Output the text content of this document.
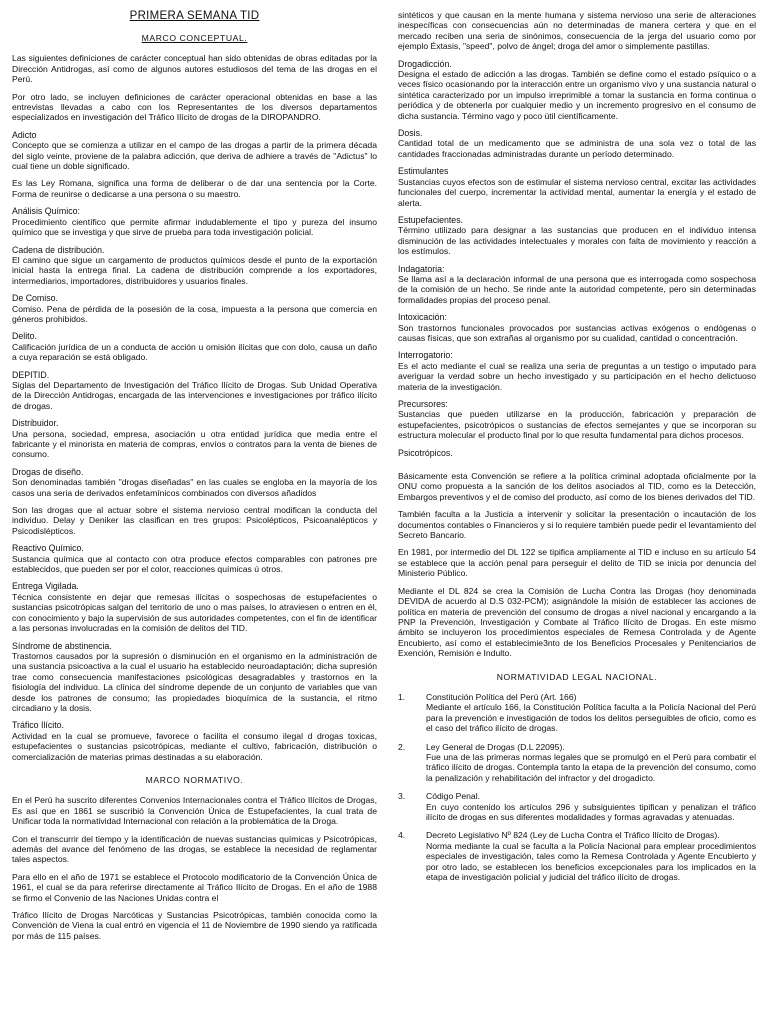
PRIMERA SEMANA TID
MARCO CONCEPTUAL.

Las siguientes definiciones de carácter conceptual han sido obtenidas de obras editadas por la Dirección Antidrogas, así como de algunos autores estudiosos del tema de las drogas en el Perú.

Por otro lado, se incluyen definiciones de carácter operacional obtenidas en base a las entrevistas llevadas a cabo con los Representantes de los diversos departamentos especializados en investigación del Tráfico Ilícito de drogas de la DIROPANDRO.

Adicto
Concepto que se comienza a utilizar en el campo de las drogas a partir de la primera década del siglo veinte, proviene de la palabra adicción, que deriva de adhiere a través de "Adictus" lo cual tiene un doble significado.
Es las Ley Romana, significa una forma de deliberar o de dar una sentencia por la Corte. Forma de reunirse o dedicarse a una persona o su maestro.
Análisis Químico:
Procedimiento científico que permite afirmar indudablemente el tipo y pureza del insumo químico que se investiga y que sirve de prueba para toda investigación policial.
Cadena de distribución.
El camino que sigue un cargamento de productos químicos desde el punto de la exportación inicial hasta la entrega final. La cadena de distribución comprende a los exportadores, intermediarios, importadores, distribuidores y usuarios finales.
De Comiso.
Comiso. Pena de pérdida de la posesión de la cosa, impuesta a la persona que comercia en géneros prohibidos.
Delito.
Calificación jurídica de un a conducta de acción u omisión ilícitas que con dolo, causa un daño a cuya reparación se está obligado.
DEPITID.
Siglas del Departamento de Investigación del Tráfico Ilícito de Drogas. Sub Unidad Operativa de la Dirección Antidrogas, encargada de las intervenciones e investigaciones por tráfico ilícito de drogas.
Distribuidor.
Una persona, sociedad, empresa, asociación u otra entidad jurídica que media entre el fabricante y el minorista en materia de compras, envíos o contratos para la venta de bienes de consumo.
Drogas de diseño.
Son denominadas también "drogas diseñadas" en las cuales se engloba en la mayoría de los casos una seria de derivados enfetamínicos combinados con diversos añadidos
Son las drogas que al actuar sobre el sistema nervioso central modifican la conducta del individuo. Delay y Deniker las clasifican en tres grupos: Psicolépticos, Psicoanalépticos y Psicodislépticos.
Reactivo Químico.
Sustancia química que al contacto con otra produce efectos comparables con patrones pre establecidos, que pueden ser por el color, reacciones químicas ú otros.
Entrega Vigilada.
Técnica consistente en dejar que remesas ilícitas o sospechosas de estupefacientes o sustancias psicotrópicas salgan del territorio de uno o mas países, lo atraviesen o entren en él, con conocimiento y bajo la supervisión de sus autoridades competentes, con el fin de identificar a las personas involucradas en la comisión de delitos del TID.
Síndrome de abstinencia.
Trastornos causados por la supresión o disminución en el organismo en la administración de una sustancia psicoactiva a la cual el usuario ha establecido neuroadaptación; dicha supresión trae como consecuencia manifestaciones psicológicas desagradables y trastornos en la fisiología del individuo. La clínica del síndrome depende de un conjunto de variables que van desde los patrones de consumo; las propiedades bioquímica de la sustancia, el ritmo circadiano y la dosis.
Tráfico Ilícito.
Actividad en la cual se promueve, favorece o facilita el consumo ilegal d drogas toxicas, estupefacientes o sustancias psicotrópicas, mediante el cultivo, fabricación, distribución o comercialización de materias primas destinadas a su elaboración.
MARCO NORMATIVO.

En el Perú ha suscrito diferentes Convenios Internacionales contra el Tráfico Ilícitos de Drogas, Es así que en 1861 se suscribió la Convención Única de Estupefacientes, la cual trata de Unificar toda la normatividad Internacional con relación a la problemática de la Droga.

Con el transcurrir del tiempo y la identificación de nuevas sustancias químicas y Psicotrópicas, además del avance del fenómeno de las drogas, se establece la necesidad de reglamentar tales aspectos.

Para ello en el año de 1971 se establece el Protocolo modificatorio de la Convención Única de 1961, el cual se da para referirse directamente al Tráfico Ilícito de Drogas. En el año de 1988 se firmo el Convenio de las Naciones Unidas contra el

Tráfico Ilícito de Drogas Narcóticas y Sustancias Psicotrópicas, también conocida como la Convención de Viena la cual entró en vigencia el 11 de Noviembre de 1990 siendo ya ratificada por más de 115 países.

sintéticos y que causan en la mente humana y sistema nervioso una serie de alteraciones inespecíficas con consecuencias aún no determinadas de manera certera y que en el mercado reciben una seria de sinónimos, consecuencia de la jerga del usuario como por ejemplo Éxtasis, "speed", polvo de ángel; droga del amor o simplemente pastillas.

Drogadicción.
Designa el estado de adicción a las drogas. También se define como el estado psíquico o a veces físico ocasionando por la interacción entre un organismo vivo y una sustancia natural o sintética caracterizado por un impulso irreprimible a tomar la sustancia en forma continua o periódica y de obtenerla por cualquier medio y un incremento progresivo en el consumo de dicha sustancia. Término vago y poco útil científicamente.
Dosis.
Cantidad total de un medicamento que se administra de una sola vez o total de las cantidades fraccionadas administradas durante un período determinado.
Estimulantes
Sustancias cuyos efectos son de estimular el sistema nervioso central, excitar las actividades funcionales del cuerpo, incrementar la actividad mental, aumentar la energía y el estado de alerta.
Estupefacientes.
Término utilizado para designar a las sustancias que producen en el individuo intensa disminución de las actividades intelectuales y morales con falta de movimiento y reacción a los estímulos.
Indagatoria:
Se llama así a la declaración informal de una persona que es interrogada como sospechosa de la comisión de un hecho. Se rinde ante la autoridad competente, pero sin determinadas formalidades propias del proceso penal.
Intoxicación:
Son trastornos funcionales provocados por sustancias activas exógenos o endógenas o causas físicas, que son extrañas al organismo por su cualidad, cantidad o concentración.
Interrogatorio:
Es el acto mediante el cual se realiza una seria de preguntas a un testigo o imputado para averiguar la verdad sobre un hecho investigado y su participación en el hecho delictuoso materia de la investigación.
Precursores:
Sustancias que pueden utilizarse en la producción, fabricación y preparación de estupefacientes, psicotrópicos o sustancias de efectos semejantes y que se incorporan su estructura molecular el producto final por lo que resulta fundamental para dichos procesos.
Psicotrópicos.

Básicamente esta Convención se refiere a la política criminal adoptada oficialmente por la ONU como propuesta a la sanción de los delitos asociados al TID, como es la Detección, Embargos preventivos y el de comiso del producto, así como de los bienes derivados del TID.

También faculta a la Justicia a intervenir y solicitar la presentación o incautación de los documentos contables o Financieros y si lo requiere también puede pedir el levantamiento del Secreto Bancario.

En 1981, por intermedio del DL 122 se tipifica ampliamente al TID e incluso en su artículo 54 se establece que la acción penal para perseguir el delito de TID se inicia por denuncia del Ministerio Público.

Mediante el DL 824 se crea la Comisión de Lucha Contra las Drogas (hoy denominada DEVIDA de acuerdo al D.S 032-PCM); asignándole la misión de establecer las acciones de política en materia de prevención del consumo de drogas a nivel nacional y encargando a la PNP la Prevención, Investigación y Combate al Tráfico Ilícito de Drogas. En este mismo ámbito se incluyeron los procedimientos especiales de Remesa Controlada y de Agente Encubierto, así como el establecimie3nto de los Beneficios Procesales y Penitenciarios de Exención, Remisión e Indulto.

NORMATIVIDAD LEGAL NACIONAL.
1. Constitución Política del Perú (Art. 166)
Mediante el artículo 166, la Constitución Política faculta a la Policía Nacional del Perú para la prevención e investigación de todos los delitos perseguibles de oficio, como es el caso del tráfico ilícito de drogas.
2. Ley General de Drogas (D.L 22095).
Fue una de las primeras normas legales que se promulgó en el Perú para combatir el tráfico ilícito de drogas. Contempla tanto la etapa de la prevención del consumo, como la penalización y rehabilitación del infractor y del drogadicto.
3. Código Penal.
En cuyo contenido los artículos 296 y subsiguientes tipifican y penalizan el tráfico ilícito de drogas en sus diferentes modalidades y formas agravadas y atenuadas.
4. Decreto Legislativo Nº 824 (Ley de Lucha Contra el Tráfico Ilícito de Drogas).
Norma mediante la cual se faculta a la Policía Nacional para emplear procedimientos especiales de investigación, tales como la Remesa Controlada y Agente Encubierto y por otro lado, se establecen los beneficios excepcionales para los implicados en la etapa de investigación policial y judicial del tráfico ilícito de drogas.
